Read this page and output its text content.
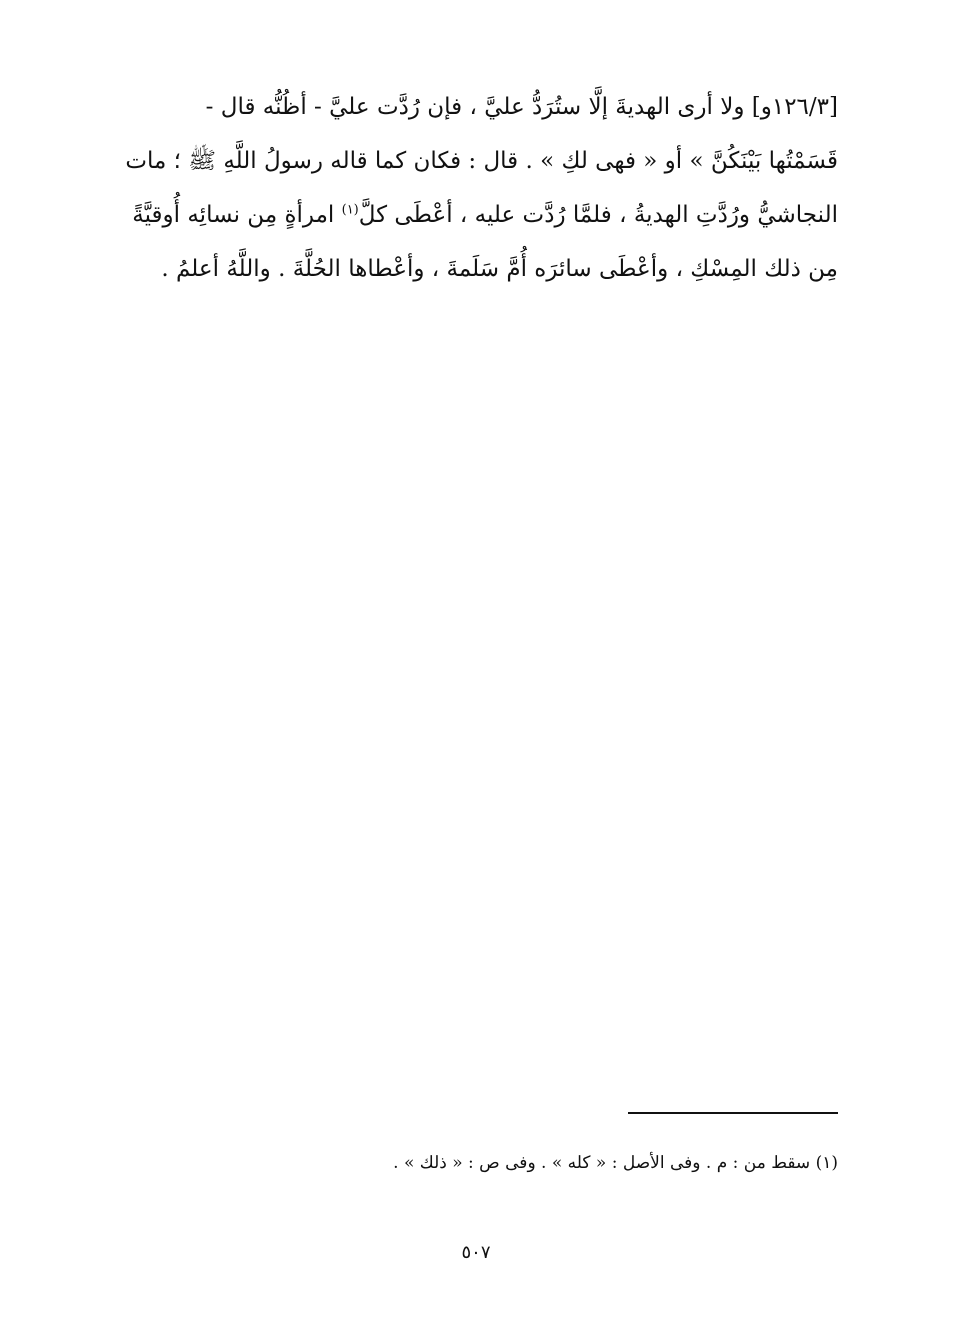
[١٢٦/٣و] ولا أرى الهديةَ إلَّا ستُرَدُّ عليَّ ، فإن رُدَّت عليَّ - أظُنُّه قال -
قَسَمْتُها بَيْنَكُنَّ » أو « فهى لكِ » . قال : فكان كما قاله رسولُ اللَّهِ ﷺ ؛ مات
النجاشيُّ ورُدَّتِ الهديةُ ، فلمَّا رُدَّت عليه ، أعْطَى كلَّ$^{(١)}$ امرأةٍ مِن نسائِه أُوقيَّةً
مِن ذلك المِسْكِ ، وأعْطَى سائرَه أُمَّ سَلَمةَ ، وأعْطاها الحُلَّةَ . واللَّهُ أعلمُ .
(١) سقط من : م . وفى الأصل : « كله » . وفى ص : « ذلك » .
٥٠٧
